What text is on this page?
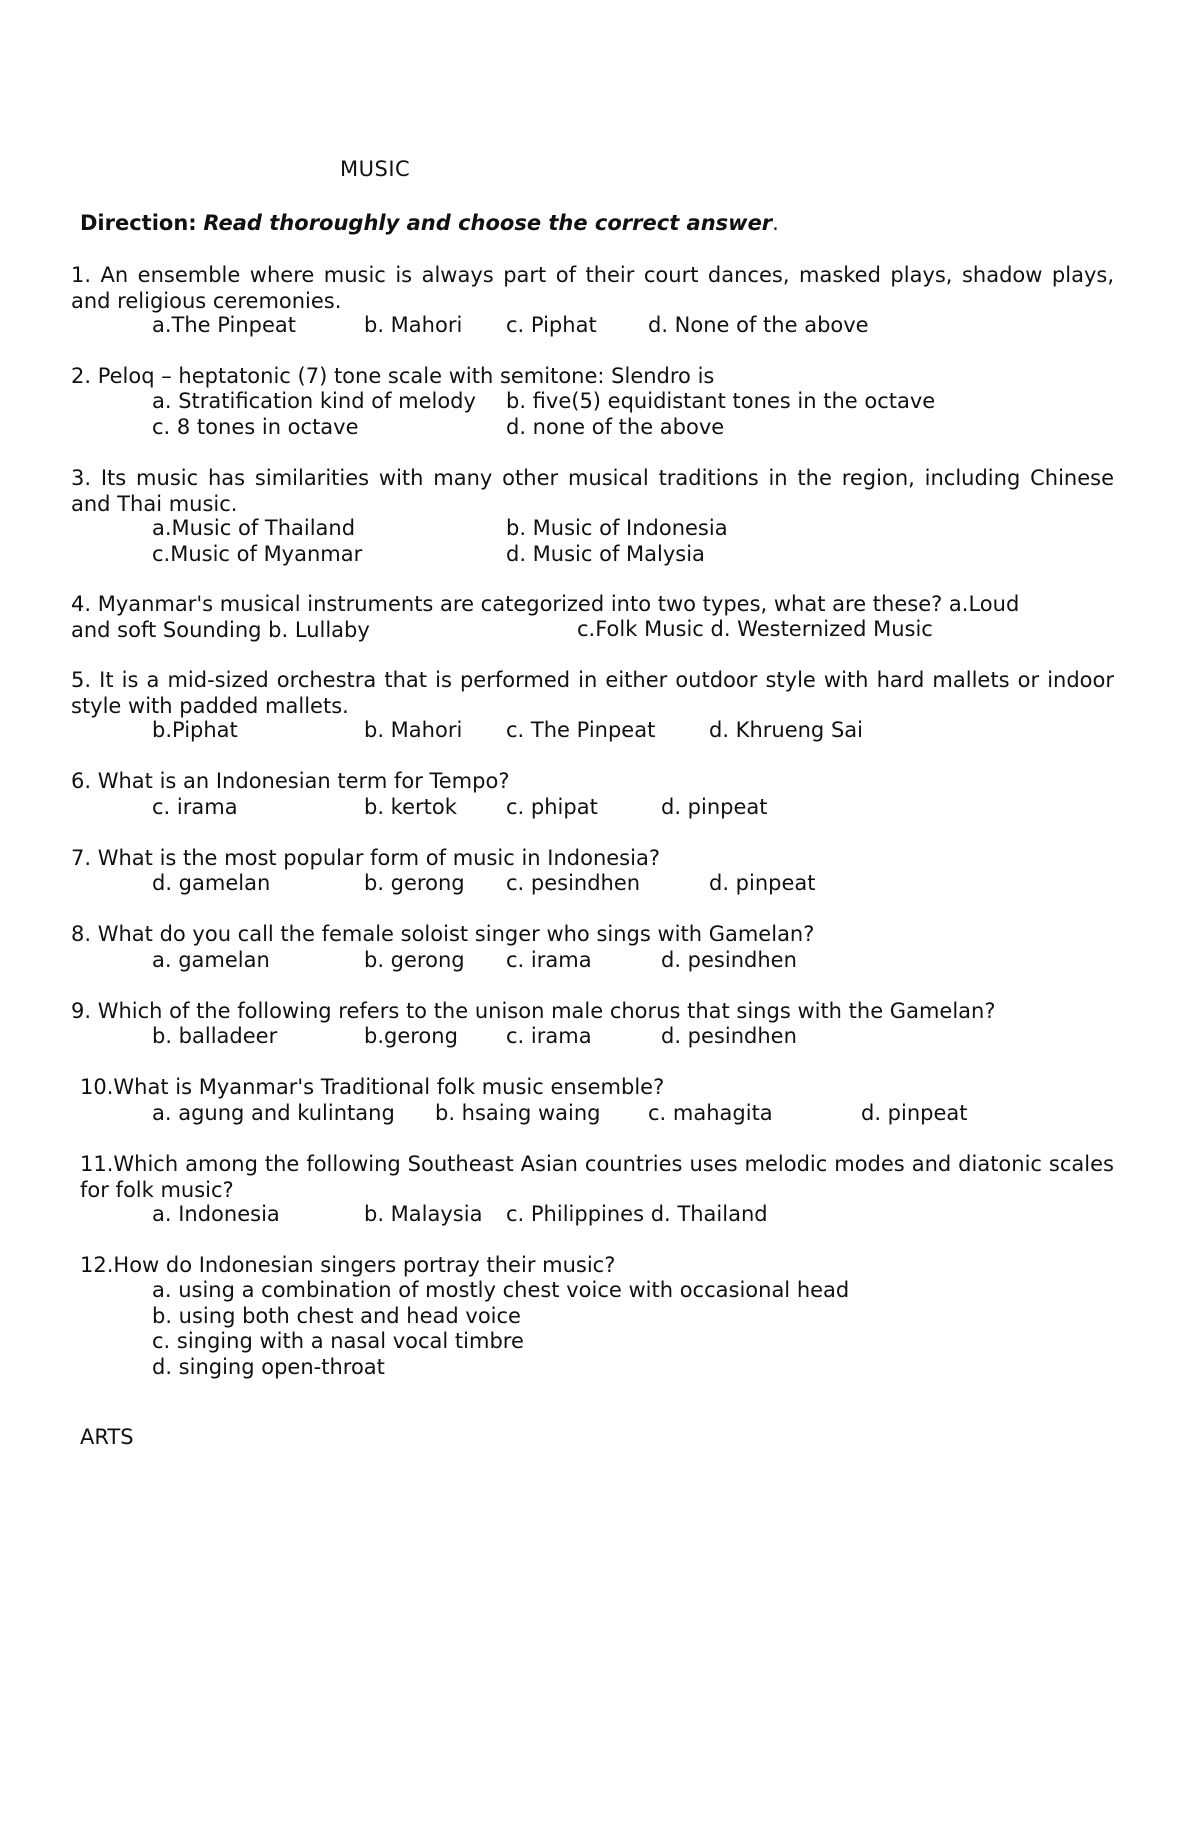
MUSIC
Direction: Read thoroughly and choose the correct answer.
1. An ensemble where music is always part of their court dances, masked plays, shadow plays, and religious ceremonies.
a.The Pinpeat	b. Mahori c. Piphat d. None of the above
2. Peloq – heptatonic (7) tone scale with semitone: Slendro is
a. Stratification kind of melody b. five(5) equidistant tones in the octave
c. 8 tones in octave	d. none of the above
3. Its music has similarities with many other musical traditions in the region, including Chinese and Thai music.
a.Music of Thailand	b. Music of Indonesia
c.Music of Myanmar	d. Music of Malysia
4. Myanmar's musical instruments are categorized into two types, what are these? a.Loud and soft Sounding b. Lullaby	c.Folk Music d. Westernized Music
5. It is a mid-sized orchestra that is performed in either outdoor style with hard mallets or indoor style with padded mallets.
b.Piphat	b. Mahori c. The Pinpeat	d. Khrueng Sai
6. What is an Indonesian term for Tempo?
c. irama	b. kertok c. phipat	d. pinpeat
7. What is the most popular form of music in Indonesia?
d. gamelan	b. gerong c. pesindhen	d. pinpeat
8. What do you call the female soloist singer who sings with Gamelan?
a. gamelan	b. gerong c. irama	d. pesindhen
9. Which of the following refers to the unison male chorus that sings with the Gamelan?
b. balladeer	b.gerong c. irama	d. pesindhen
10.What is Myanmar's Traditional folk music ensemble?
a. agung and kulintang b. hsaing waing c. mahagita	d. pinpeat
11.Which among the following Southeast Asian countries uses melodic modes and diatonic scales for folk music?
a. Indonesia	b. Malaysia c. Philippines d. Thailand
12.How do Indonesian singers portray their music?
a. using a combination of mostly chest voice with occasional head
b. using both chest and head voice
c. singing with a nasal vocal timbre
d. singing open-throat
ARTS
